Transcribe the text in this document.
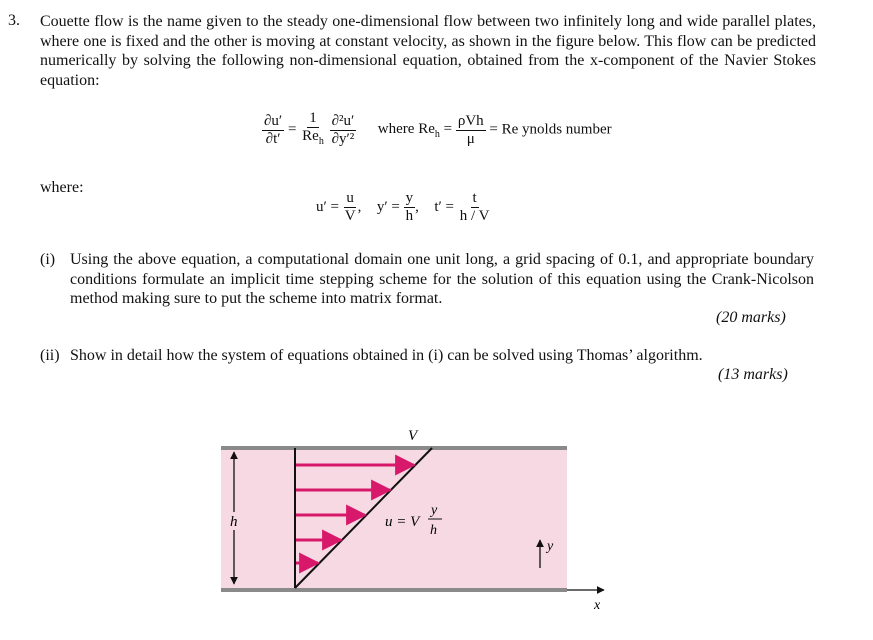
3. Couette flow is the name given to the steady one-dimensional flow between two infinitely long and wide parallel plates, where one is fixed and the other is moving at constant velocity, as shown in the figure below. This flow can be predicted numerically by solving the following non-dimensional equation, obtained from the x-component of the Navier Stokes equation:

$\frac{\partial u'}{\partial t'} = \frac{1}{Re_h}$
$\frac{\text{∂²u′}}{\text{∂y′²}}$ where $Re_h = \frac{\text{ρVh}}{\mu} = Re$ ynolds number
where:
$u' = \frac{u}{V}$ , $y' = \frac{y}{h}$ , $t' = \frac{t}{h / V}$
(i) Using the above equation, a computational domain one unit long, a grid spacing of 0.1, and appropriate boundary conditions formulate an implicit time stepping scheme for the solution of this equation using the Crank-Nicolson method making sure to put the scheme into matrix format.
(20 marks)
(ii) Show in detail how the system of equations obtained in (i) can be solved using Thomas’ algorithm.
(13 marks)
h
V
u = V
y
h
y
x
